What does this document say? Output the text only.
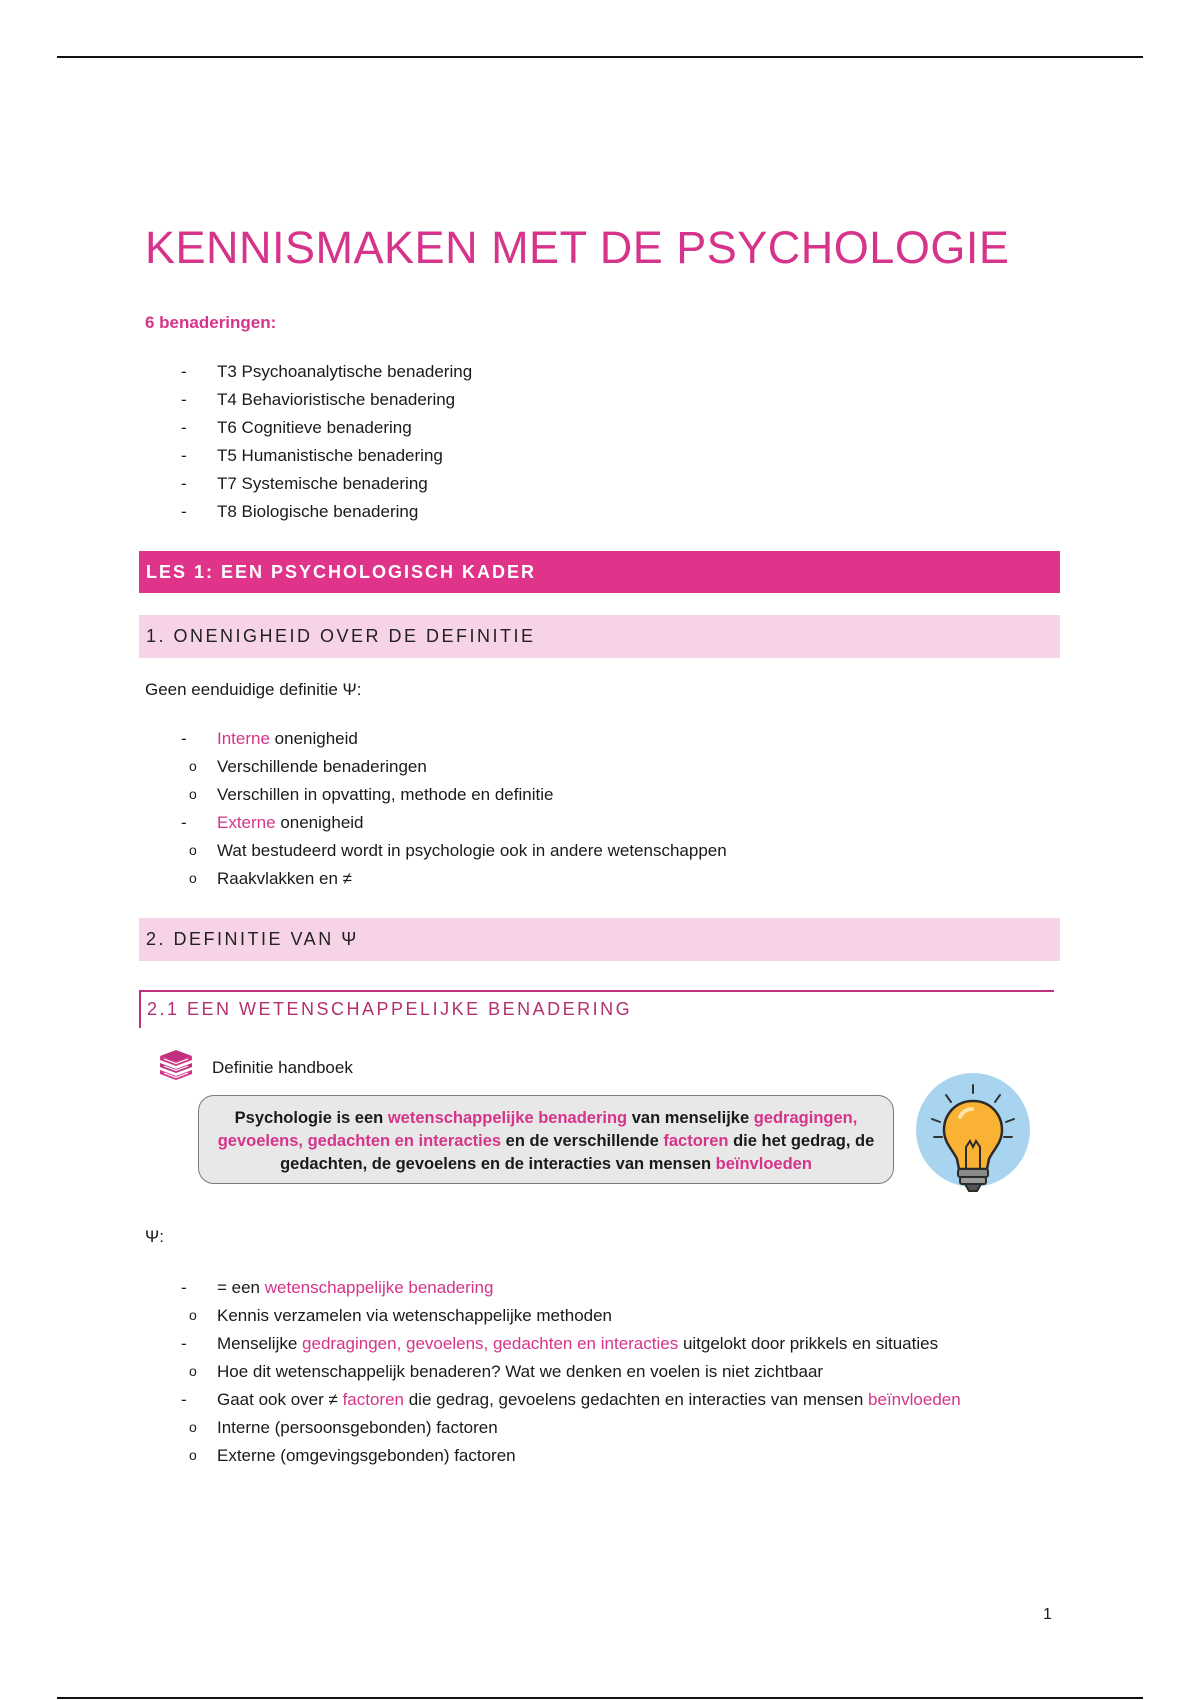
KENNISMAKEN MET DE PSYCHOLOGIE
6 benaderingen:
- T3 Psychoanalytische benadering
- T4 Behavioristische benadering
- T6 Cognitieve benadering
- T5 Humanistische benadering
- T7 Systemische benadering
- T8 Biologische benadering
LES 1: EEN PSYCHOLOGISCH KADER
1. ONENIGHEID OVER DE DEFINITIE
Geen eenduidige definitie Ψ:
- Interne onenigheid
o Verschillende benaderingen
o Verschillen in opvatting, methode en definitie
- Externe onenigheid
o Wat bestudeerd wordt in psychologie ook in andere wetenschappen
o Raakvlakken en ≠
2. DEFINITIE VAN Ψ
2.1 EEN WETENSCHAPPELIJKE BENADERING
Definitie handboek
Psychologie is een wetenschappelijke benadering van menselijke gedragingen,
gevoelens, gedachten en interacties en de verschillende factoren die het gedrag, de
gedachten, de gevoelens en de interacties van mensen beïnvloeden
Ψ:
- = een wetenschappelijke benadering
o Kennis verzamelen via wetenschappelijke methoden
- Menselijke gedragingen, gevoelens, gedachten en interacties uitgelokt door prikkels en situaties
o Hoe dit wetenschappelijk benaderen? Wat we denken en voelen is niet zichtbaar
- Gaat ook over ≠ factoren die gedrag, gevoelens gedachten en interacties van mensen beïnvloeden
o Interne (persoonsgebonden) factoren
o Externe (omgevingsgebonden) factoren
1
